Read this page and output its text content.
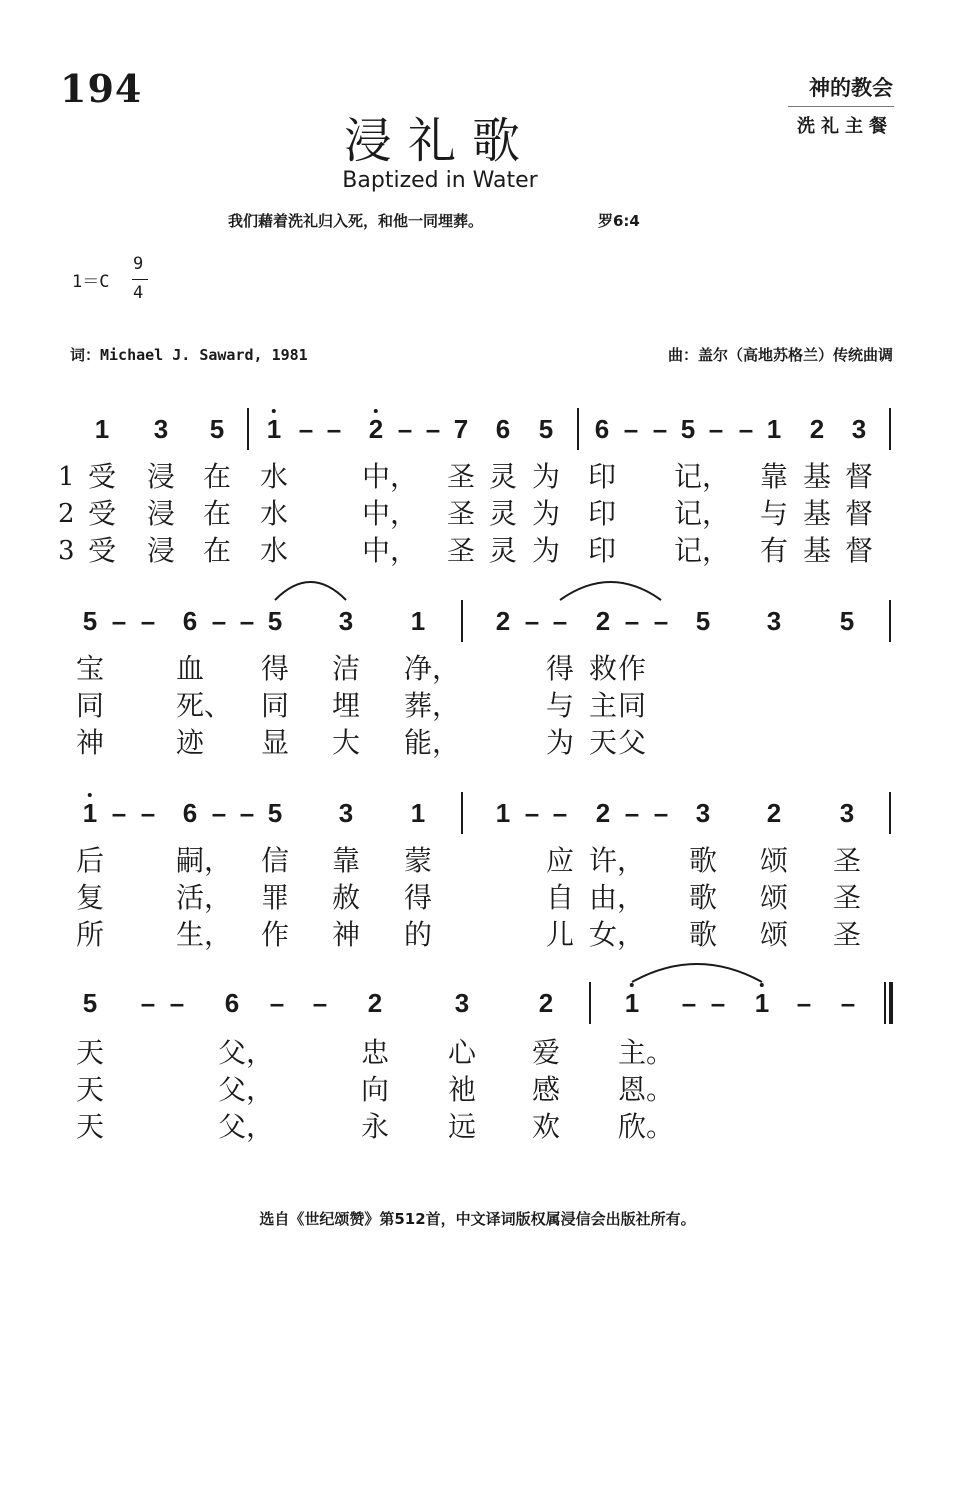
194	神的教会
洗礼主餐
浸礼歌
Baptized in Water
我们藉着洗礼归入死，和他一同埋葬。	罗6:4
1＝C
9
4
词：Michael J. Saward, 1981	曲：盖尔（高地苏格兰）传统曲调
1 3 5 1 – – 2 – – 7 6 5 6 – – 5 – – 1 2 3
1 受 浸 在 水	中， 圣 灵 为 印 记， 靠 基 督
2 受 浸 在 水	中， 圣 灵 为 印 记， 与 基 督
3 受 浸 在 水	中， 圣 灵 为 印 记， 有 基 督
5 – – 6 – – 5 3 1	2 – – 2 – – 5 3 5
宝	血 得 洁 净，	得 救 作
同	死、 同 埋 葬，	与 主 同
神	迹 显 大 能，	为 天 父
1 – – 6 – – 5 3 1	1 – – 2 – – 3 2 3
后	嗣， 信 靠 蒙	应 许， 歌 颂 圣
复	活， 罪 赦 得	自 由， 歌 颂 圣
所	生， 作 神 的	儿 女， 歌 颂 圣
5 – – 6 – – 2	3	2	1 – – 1 – –
天	父，	忠 心 爱 主。
天	父，	向 祂 感 恩。
天	父，	永 远 欢 欣。
选自《世纪颂赞》第512首，中文译词版权属浸信会出版社所有。
